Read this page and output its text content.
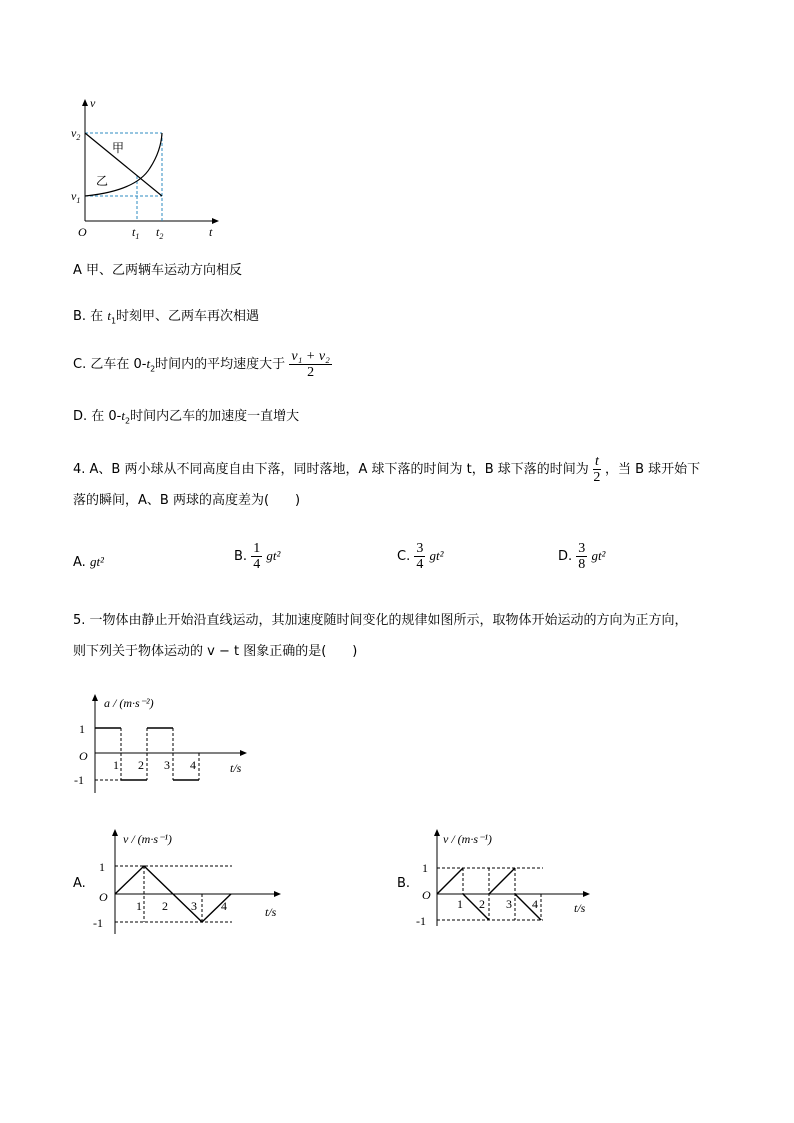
v
t
O
$v_2$
$v_1$
$t_1$ $t_2$
甲
乙
A 甲、乙两辆车运动方向相反
B. 在 $t_1$时刻甲、乙两车再次相遇
C. 乙车在 $0-t_2$时间内的平均速度大于 $\frac{\text{v₁ + v₂}}{2}$
D. 在 $0-t_2$时间内乙车的加速度一直增大
4. A、B 两小球从不同高度自由下落，同时落地，A 球下落的时间为 t，B 球下落的时间为 $\frac{t}{2}$ ，当 B 球开始下
落的瞬间，A、B 两球的高度差为(　　)
A. gt²	B. $\frac{1}{4} gt^2$	C. $\frac{3}{4} gt^2$	D. $\frac{3}{8} gt^2$
5. 一物体由静止开始沿直线运动，其加速度随时间变化的规律如图所示，取物体开始运动的方向为正方向，
则下列关于物体运动的 v − t 图象正确的是(　　)
a / (m·s⁻²)
t/s
O
1
-1
1 2 3 4
A.
v / (m·s⁻¹)
t/s
O
1
-1
1 2 3 4
B.
v / (m·s⁻¹)
t/s
O
1
-1
1 2 3 4
